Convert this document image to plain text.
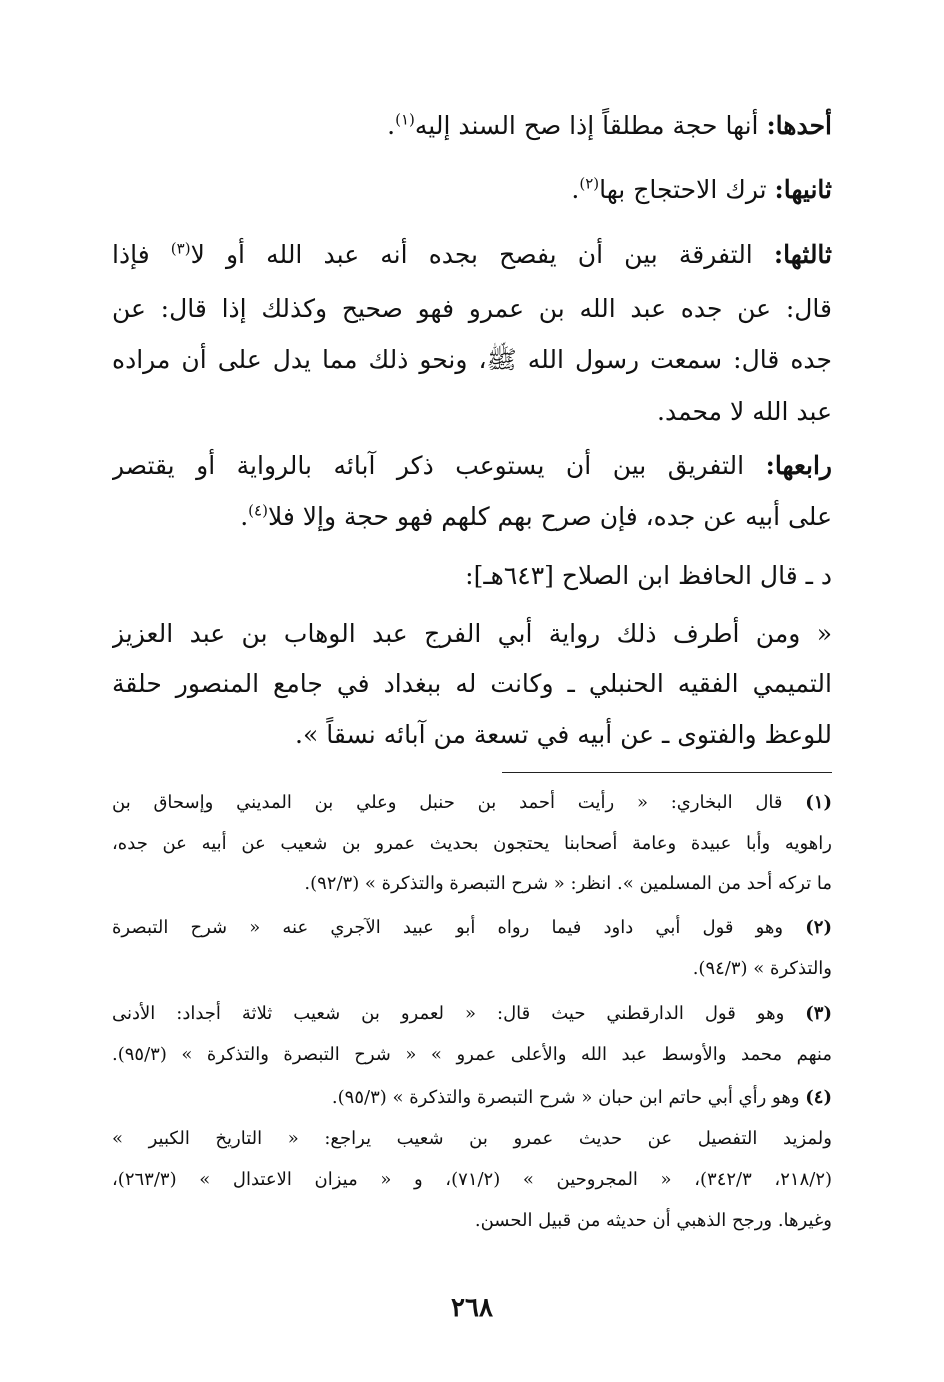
أحدها: أنها حجة مطلقاً إذا صح السند إليه$^{(١)}$.
ثانيها: ترك الاحتجاج بها$^{(٢)}$.
ثالثها: التفرقة بين أن يفصح بجده أنه عبد الله أو لا$^{(٣)}$ فإذا
قال: عن جده عبد الله بن عمرو فهو صحيح وكذلك إذا قال: عن
جده قال: سمعت رسول الله ﷺ، ونحو ذلك مما يدل على أن مراده
عبد الله لا محمد.
رابعها: التفريق بين أن يستوعب ذكر آبائه بالرواية أو يقتصر
على أبيه عن جده، فإن صرح بهم كلهم فهو حجة وإلا فلا$^{(٤)}$.
د ـ قال الحافظ ابن الصلاح [٦٤٣هـ]:
« ومن أطرف ذلك رواية أبي الفرج عبد الوهاب بن عبد العزيز
التميمي الفقيه الحنبلي ـ وكانت له ببغداد في جامع المنصور حلقة
للوعظ والفتوى ـ عن أبيه في تسعة من آبائه نسقاً ».
(١) قال البخاري: « رأيت أحمد بن حنبل وعلي بن المديني وإسحاق بن
راهويه وأبا عبيدة وعامة أصحابنا يحتجون بحديث عمرو بن شعيب عن أبيه عن جده،
ما تركه أحد من المسلمين ». انظر: « شرح التبصرة والتذكرة » (٩٢/٣).
(٢) وهو قول أبي داود فيما رواه أبو عبيد الآجري عنه « شرح التبصرة
والتذكرة » (٩٤/٣).
(٣) وهو قول الدارقطني حيث قال: « لعمرو بن شعيب ثلاثة أجداد: الأدنى
منهم محمد والأوسط عبد الله والأعلى عمرو » « شرح التبصرة والتذكرة » (٩٥/٣).
(٤) وهو رأي أبي حاتم ابن حبان « شرح التبصرة والتذكرة » (٩٥/٣).
ولمزيد التفصيل عن حديث عمرو بن شعيب يراجع: « التاريخ الكبير »
(٢١٨/٢، ٣٤٢/٣)، « المجروحين » (٧١/٢)، و « ميزان الاعتدال » (٢٦٣/٣)،
وغيرها. ورجح الذهبي أن حديثه من قبيل الحسن.
٢٦٨
